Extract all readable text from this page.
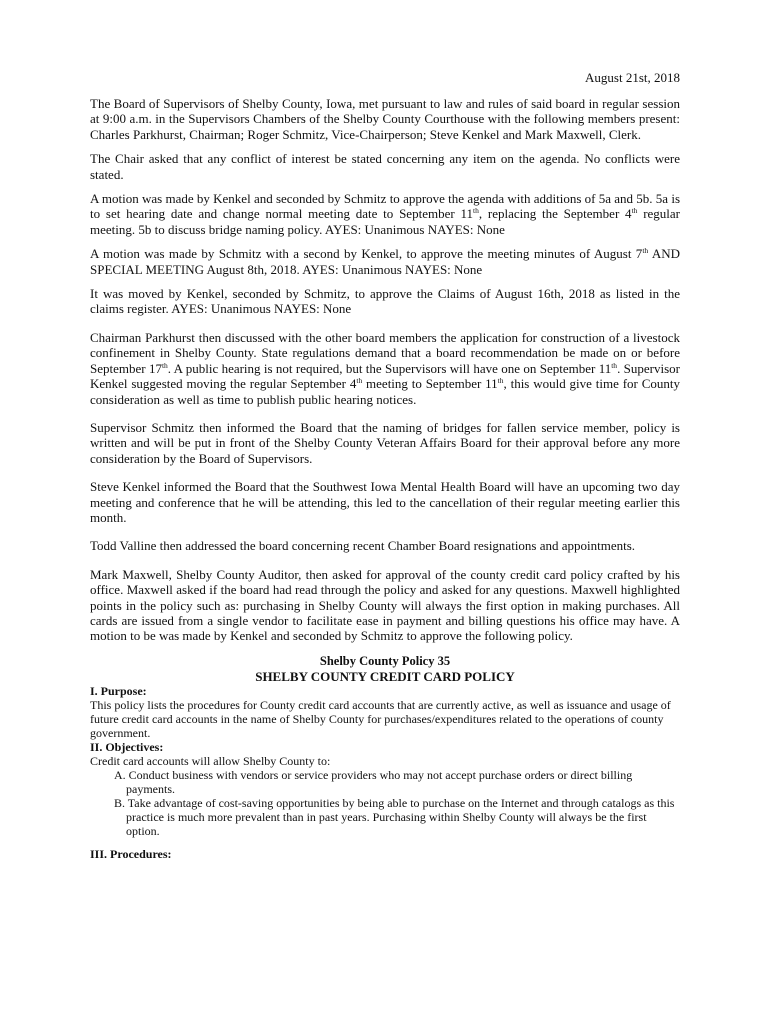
August 21st, 2018

The Board of Supervisors of Shelby County, Iowa, met pursuant to law and rules of said board in regular session at 9:00 a.m. in the Supervisors Chambers of the Shelby County Courthouse with the following members present: Charles Parkhurst, Chairman; Roger Schmitz, Vice-Chairperson; Steve Kenkel and Mark Maxwell, Clerk.

The Chair asked that any conflict of interest be stated concerning any item on the agenda. No conflicts were stated.

A motion was made by Kenkel and seconded by Schmitz to approve the agenda with additions of 5a and 5b. 5a is to set hearing date and change normal meeting date to September 11th, replacing the September 4th regular meeting. 5b to discuss bridge naming policy. AYES: Unanimous NAYES: None

A motion was made by Schmitz with a second by Kenkel, to approve the meeting minutes of August 7th AND SPECIAL MEETING August 8th, 2018. AYES: Unanimous NAYES: None

It was moved by Kenkel, seconded by Schmitz, to approve the Claims of August 16th, 2018 as listed in the claims register. AYES: Unanimous NAYES: None

Chairman Parkhurst then discussed with the other board members the application for construction of a livestock confinement in Shelby County. State regulations demand that a board recommendation be made on or before September 17th. A public hearing is not required, but the Supervisors will have one on September 11th. Supervisor Kenkel suggested moving the regular September 4th meeting to September 11th, this would give time for County consideration as well as time to publish public hearing notices.

Supervisor Schmitz then informed the Board that the naming of bridges for fallen service member, policy is written and will be put in front of the Shelby County Veteran Affairs Board for their approval before any more consideration by the Board of Supervisors.

Steve Kenkel informed the Board that the Southwest Iowa Mental Health Board will have an upcoming two day meeting and conference that he will be attending, this led to the cancellation of their regular meeting earlier this month.

Todd Valline then addressed the board concerning recent Chamber Board resignations and appointments.

Mark Maxwell, Shelby County Auditor, then asked for approval of the county credit card policy crafted by his office. Maxwell asked if the board had read through the policy and asked for any questions. Maxwell highlighted points in the policy such as: purchasing in Shelby County will always the first option in making purchases. All cards are issued from a single vendor to facilitate ease in payment and billing questions his office may have. A motion to be was made by Kenkel and seconded by Schmitz to approve the following policy.

Shelby County Policy 35
SHELBY COUNTY CREDIT CARD POLICY
I. Purpose:
This policy lists the procedures for County credit card accounts that are currently active, as well as issuance and usage of future credit card accounts in the name of Shelby County for purchases/expenditures related to the operations of county government.
II. Objectives:
Credit card accounts will allow Shelby County to:
A. Conduct business with vendors or service providers who may not accept purchase orders or direct billing payments.
B. Take advantage of cost-saving opportunities by being able to purchase on the Internet and through catalogs as this practice is much more prevalent than in past years. Purchasing within Shelby County will always be the first option.
III. Procedures:
